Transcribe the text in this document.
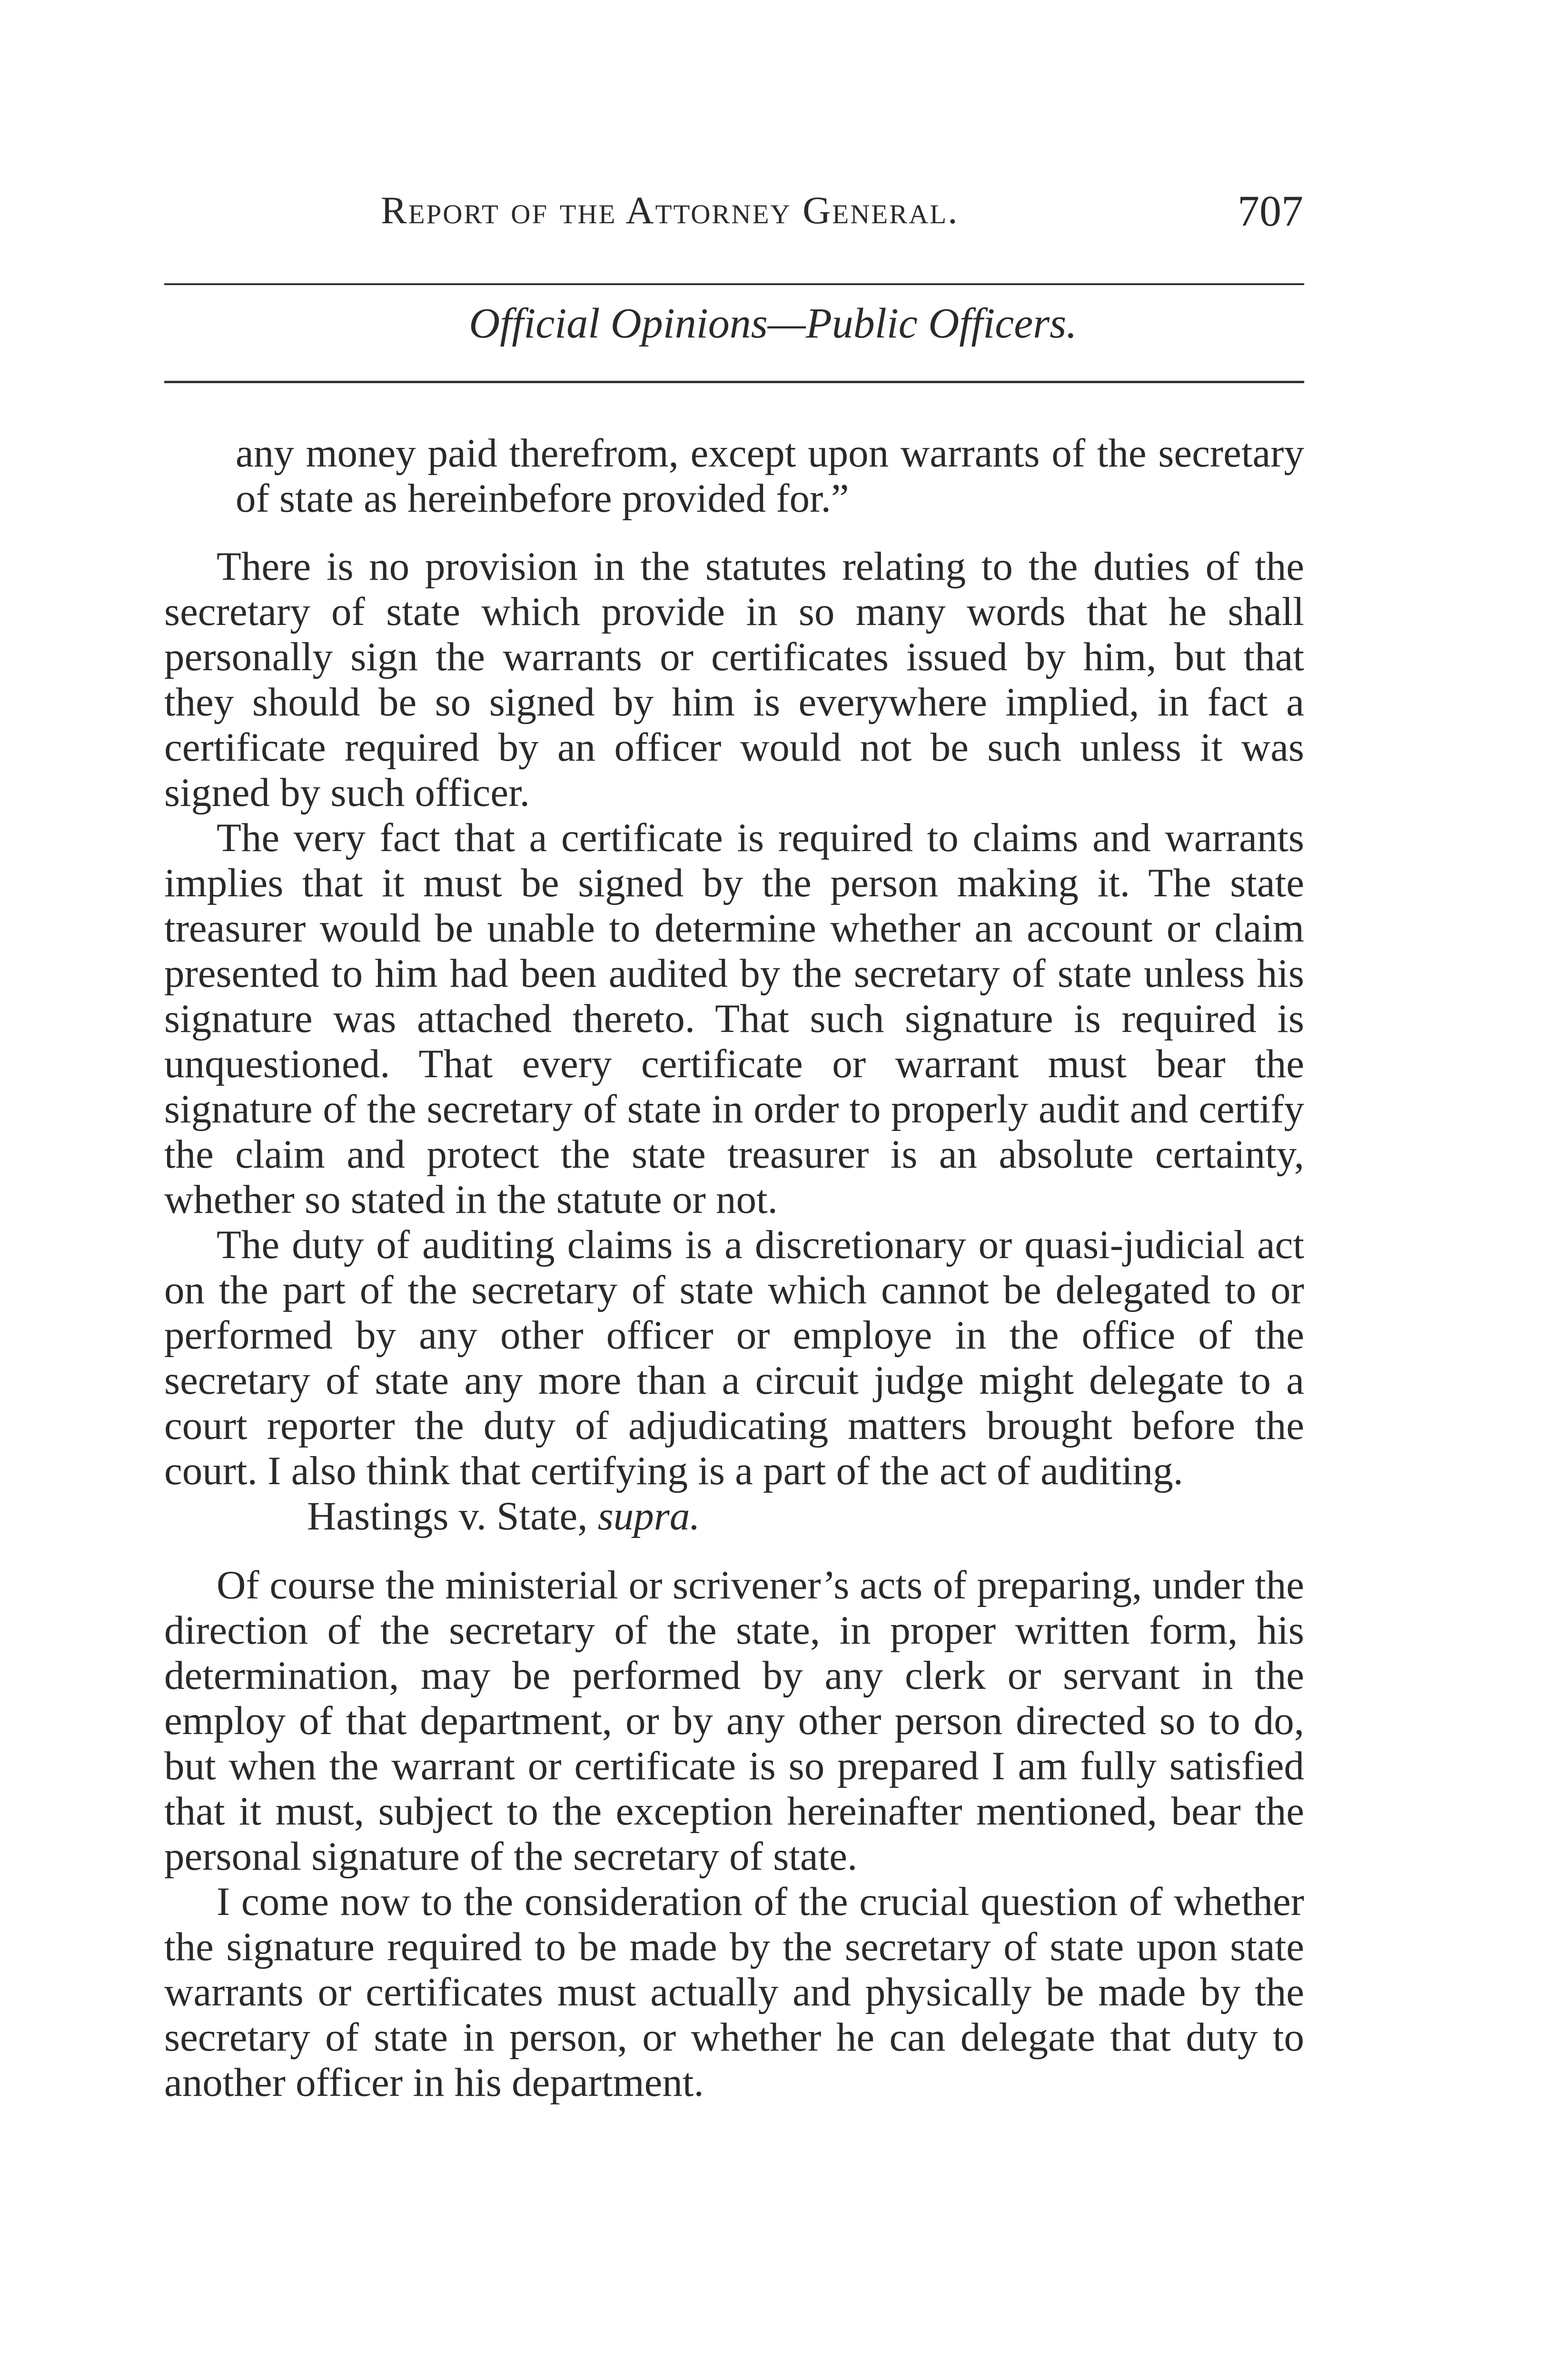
Report of the Attorney General.	707
Official Opinions—Public Officers.

any money paid therefrom, except upon warrants of the secretary of state as hereinbefore provided for.”

There is no provision in the statutes relating to the duties of the secretary of state which provide in so many words that he shall personally sign the warrants or certificates issued by him, but that they should be so signed by him is everywhere implied, in fact a certificate required by an officer would not be such unless it was signed by such officer.

The very fact that a certificate is required to claims and warrants implies that it must be signed by the person making it. The state treasurer would be unable to determine whether an account or claim presented to him had been audited by the secretary of state unless his signature was attached thereto. That such signature is required is unquestioned. That every certificate or warrant must bear the signature of the secretary of state in order to properly audit and certify the claim and protect the state treasurer is an absolute certainty, whether so stated in the statute or not.

The duty of auditing claims is a discretionary or quasi-judicial act on the part of the secretary of state which cannot be delegated to or performed by any other officer or employe in the office of the secretary of state any more than a circuit judge might delegate to a court reporter the duty of adjudicating matters brought before the court. I also think that certifying is a part of the act of auditing.

Hastings v. State, supra.

Of course the ministerial or scrivener’s acts of preparing, under the direction of the secretary of the state, in proper written form, his determination, may be performed by any clerk or servant in the employ of that department, or by any other person directed so to do, but when the warrant or certificate is so prepared I am fully satisfied that it must, subject to the exception hereinafter mentioned, bear the personal signature of the secretary of state.

I come now to the consideration of the crucial question of whether the signature required to be made by the secretary of state upon state warrants or certificates must actually and physically be made by the secretary of state in person, or whether he can delegate that duty to another officer in his department.
